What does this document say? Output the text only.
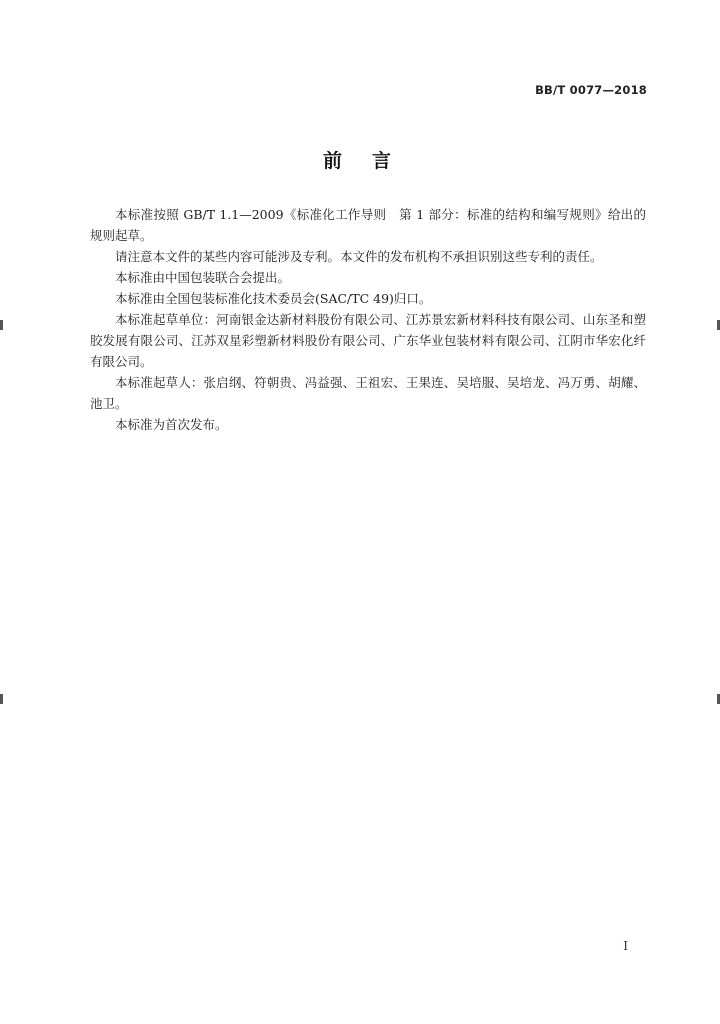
BB/T 0077—2018
前言

本标准按照 GB/T 1.1—2009《标准化工作导则　第 1 部分：标准的结构和编写规则》给出的规则起草。

请注意本文件的某些内容可能涉及专利。本文件的发布机构不承担识别这些专利的责任。

本标准由中国包装联合会提出。

本标准由全国包装标准化技术委员会(SAC/TC 49)归口。

本标准起草单位：河南银金达新材料股份有限公司、江苏景宏新材料科技有限公司、山东圣和塑胶发展有限公司、江苏双星彩塑新材料股份有限公司、广东华业包装材料有限公司、江阴市华宏化纤有限公司。

本标准起草人：张启纲、符朝贵、冯益强、王祖宏、王果连、吴培服、吴培龙、冯万勇、胡耀、池卫。

本标准为首次发布。

I
